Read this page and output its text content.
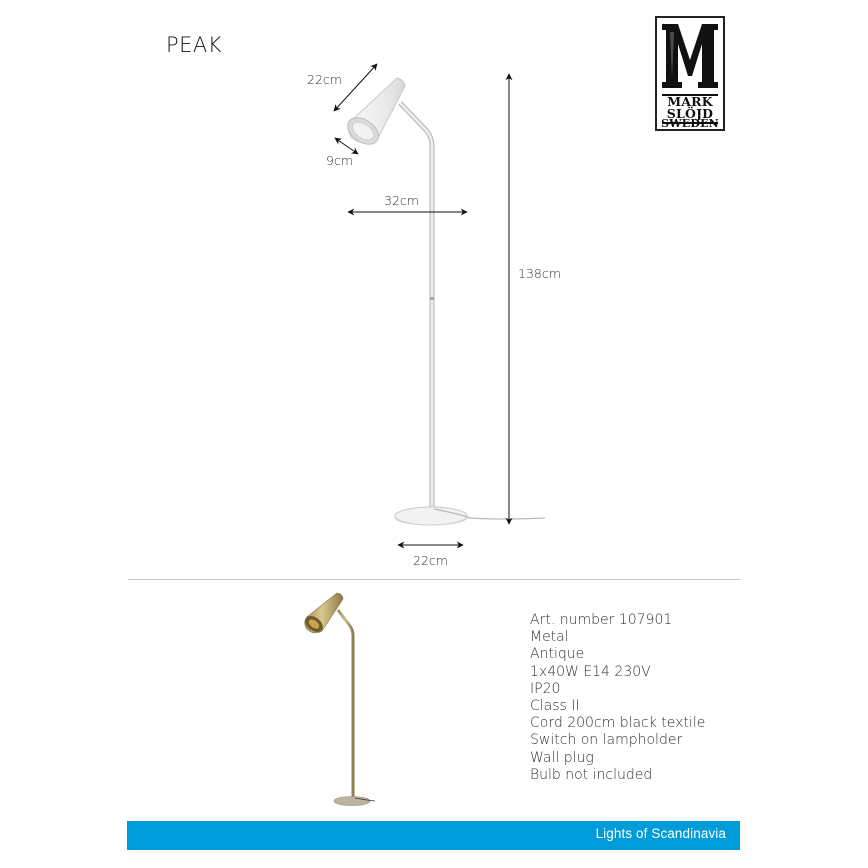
PEAK
MARK
SLÖJD
SWEDEN
22cm
9cm
32cm
138cm
22cm
Art. number 107901
Metal
Antique
1x40W E14 230V
IP20
Class II
Cord 200cm black textile
Switch on lampholder
Wall plug
Bulb not included
Lights of Scandinavia
